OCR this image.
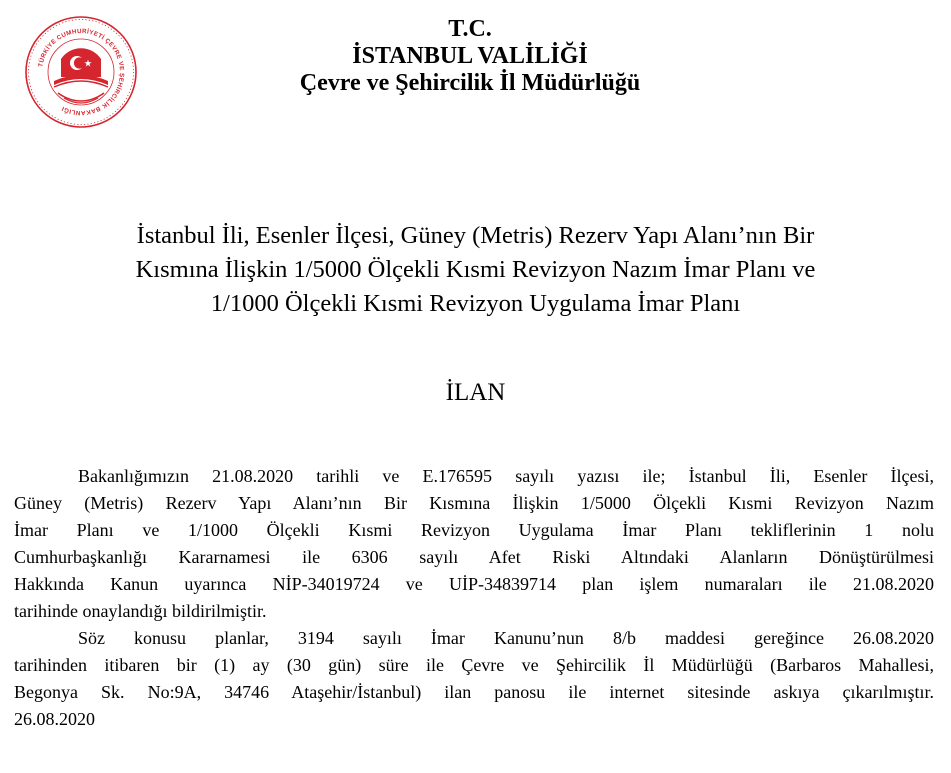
TÜRKİYE CUMHURİYETİ ÇEVRE VE ŞEHİRCİLİK BAKANLIĞI
T.C.
İSTANBUL VALİLİĞİ
Çevre ve Şehircilik İl Müdürlüğü
İstanbul İli, Esenler İlçesi, Güney (Metris) Rezerv Yapı Alanı’nın Bir
Kısmına İlişkin 1/5000 Ölçekli Kısmi Revizyon Nazım İmar Planı ve
1/1000 Ölçekli Kısmi Revizyon Uygulama İmar Planı
İLAN
Bakanlığımızın 21.08.2020 tarihli ve E.176595 sayılı yazısı ile; İstanbul İli, Esenler İlçesi,
Güney (Metris) Rezerv Yapı Alanı’nın Bir Kısmına İlişkin 1/5000 Ölçekli Kısmi Revizyon Nazım
İmar Planı ve 1/1000 Ölçekli Kısmi Revizyon Uygulama İmar Planı tekliflerinin 1 nolu
Cumhurbaşkanlığı Kararnamesi ile 6306 sayılı Afet Riski Altındaki Alanların Dönüştürülmesi
Hakkında Kanun uyarınca NİP-34019724 ve UİP-34839714 plan işlem numaraları ile 21.08.2020
tarihinde onaylandığı bildirilmiştir.
Söz konusu planlar, 3194 sayılı İmar Kanunu’nun 8/b maddesi gereğince 26.08.2020
tarihinden itibaren bir (1) ay (30 gün) süre ile Çevre ve Şehircilik İl Müdürlüğü (Barbaros Mahallesi,
Begonya Sk. No:9A, 34746 Ataşehir/İstanbul) ilan panosu ile internet sitesinde askıya çıkarılmıştır.
26.08.2020
